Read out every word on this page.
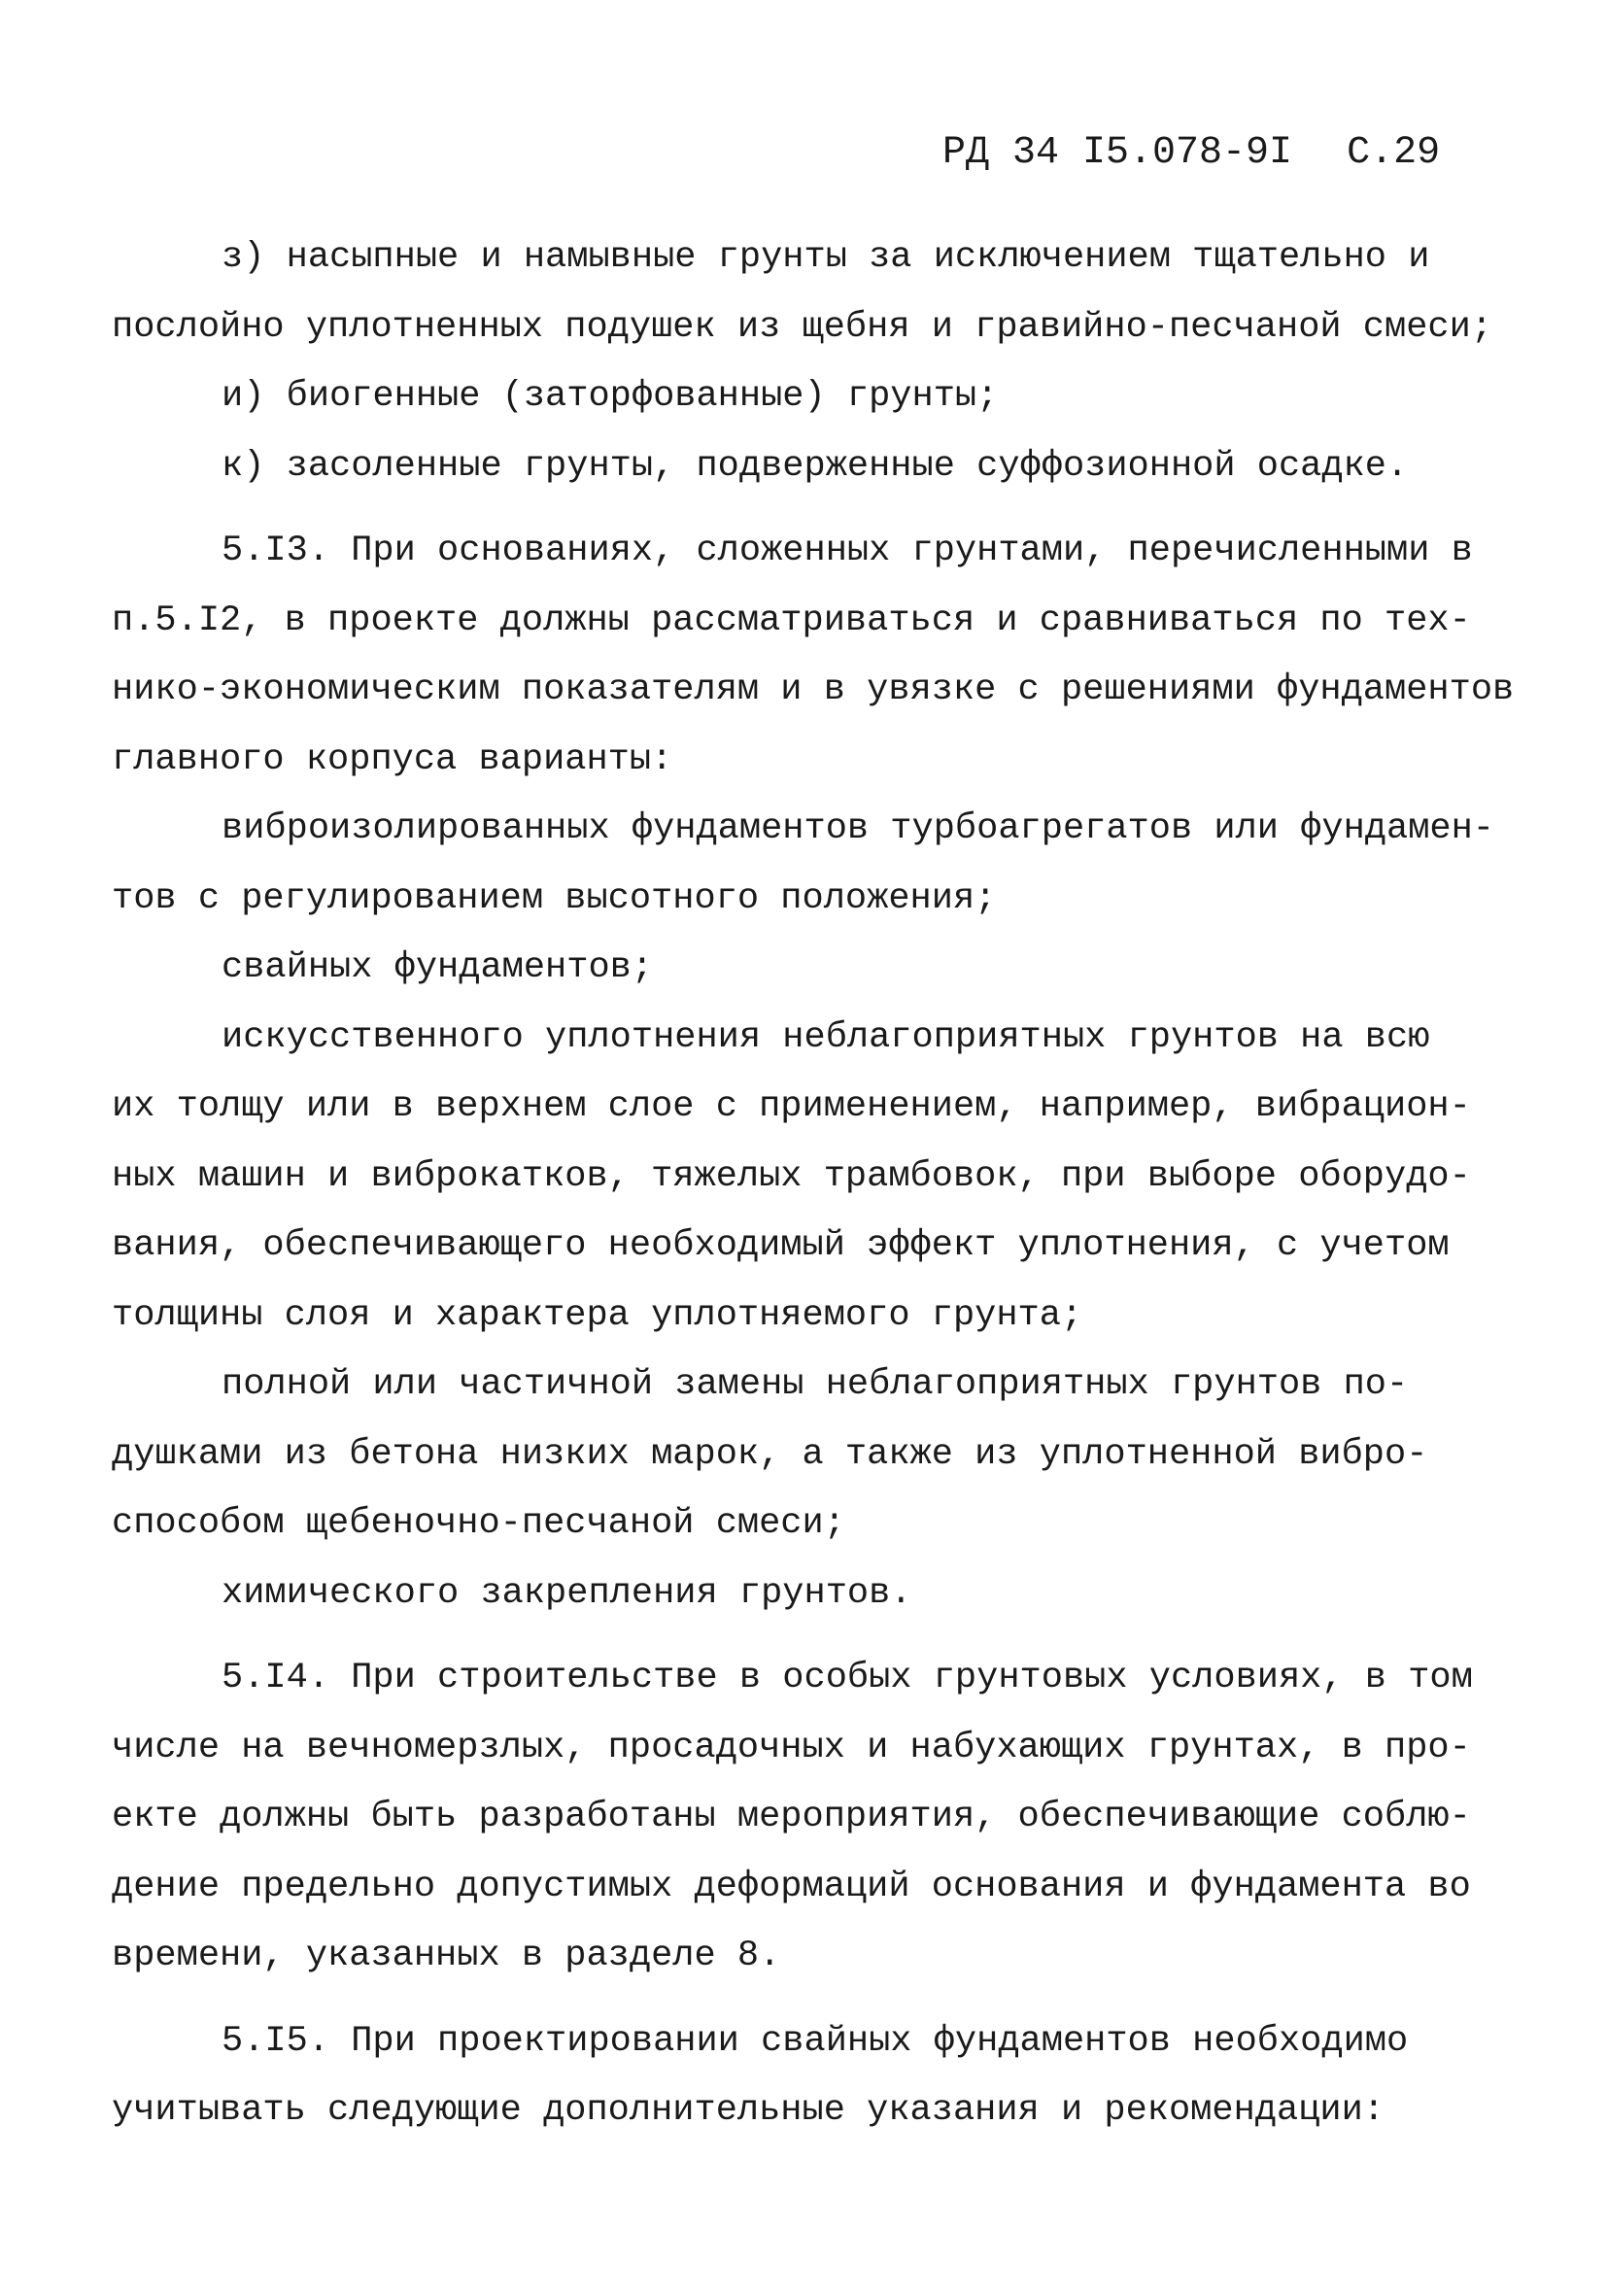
РД 34 I5.078-9I С.29
з) насыпные и намывные грунты за исключением тщательно и
послойно уплотненных подушек из щебня и гравийно-песчаной смеси;
и) биогенные (заторфованные) грунты;
к) засоленные грунты, подверженные суффозионной осадке.
5.I3. При основаниях, сложенных грунтами, перечисленными в
п.5.I2, в проекте должны рассматриваться и сравниваться по тех-
нико-экономическим показателям и в увязке с решениями фундаментов
главного корпуса варианты:
виброизолированных фундаментов турбоагрегатов или фундамен-
тов с регулированием высотного положения;
свайных фундаментов;
искусственного уплотнения неблагоприятных грунтов на всю
их толщу или в верхнем слое с применением, например, вибрацион-
ных машин и виброкатков, тяжелых трамбовок, при выборе оборудо-
вания, обеспечивающего необходимый эффект уплотнения, с учетом
толщины слоя и характера уплотняемого грунта;
полной или частичной замены неблагоприятных грунтов по-
душками из бетона низких марок, а также из уплотненной вибро-
способом щебеночно-песчаной смеси;
химического закрепления грунтов.
5.I4. При строительстве в особых грунтовых условиях, в том
числе на вечномерзлых, просадочных и набухающих грунтах, в про-
екте должны быть разработаны мероприятия, обеспечивающие соблю-
дение предельно допустимых деформаций основания и фундамента во
времени, указанных в разделе 8.
5.I5. При проектировании свайных фундаментов необходимо
учитывать следующие дополнительные указания и рекомендации:
